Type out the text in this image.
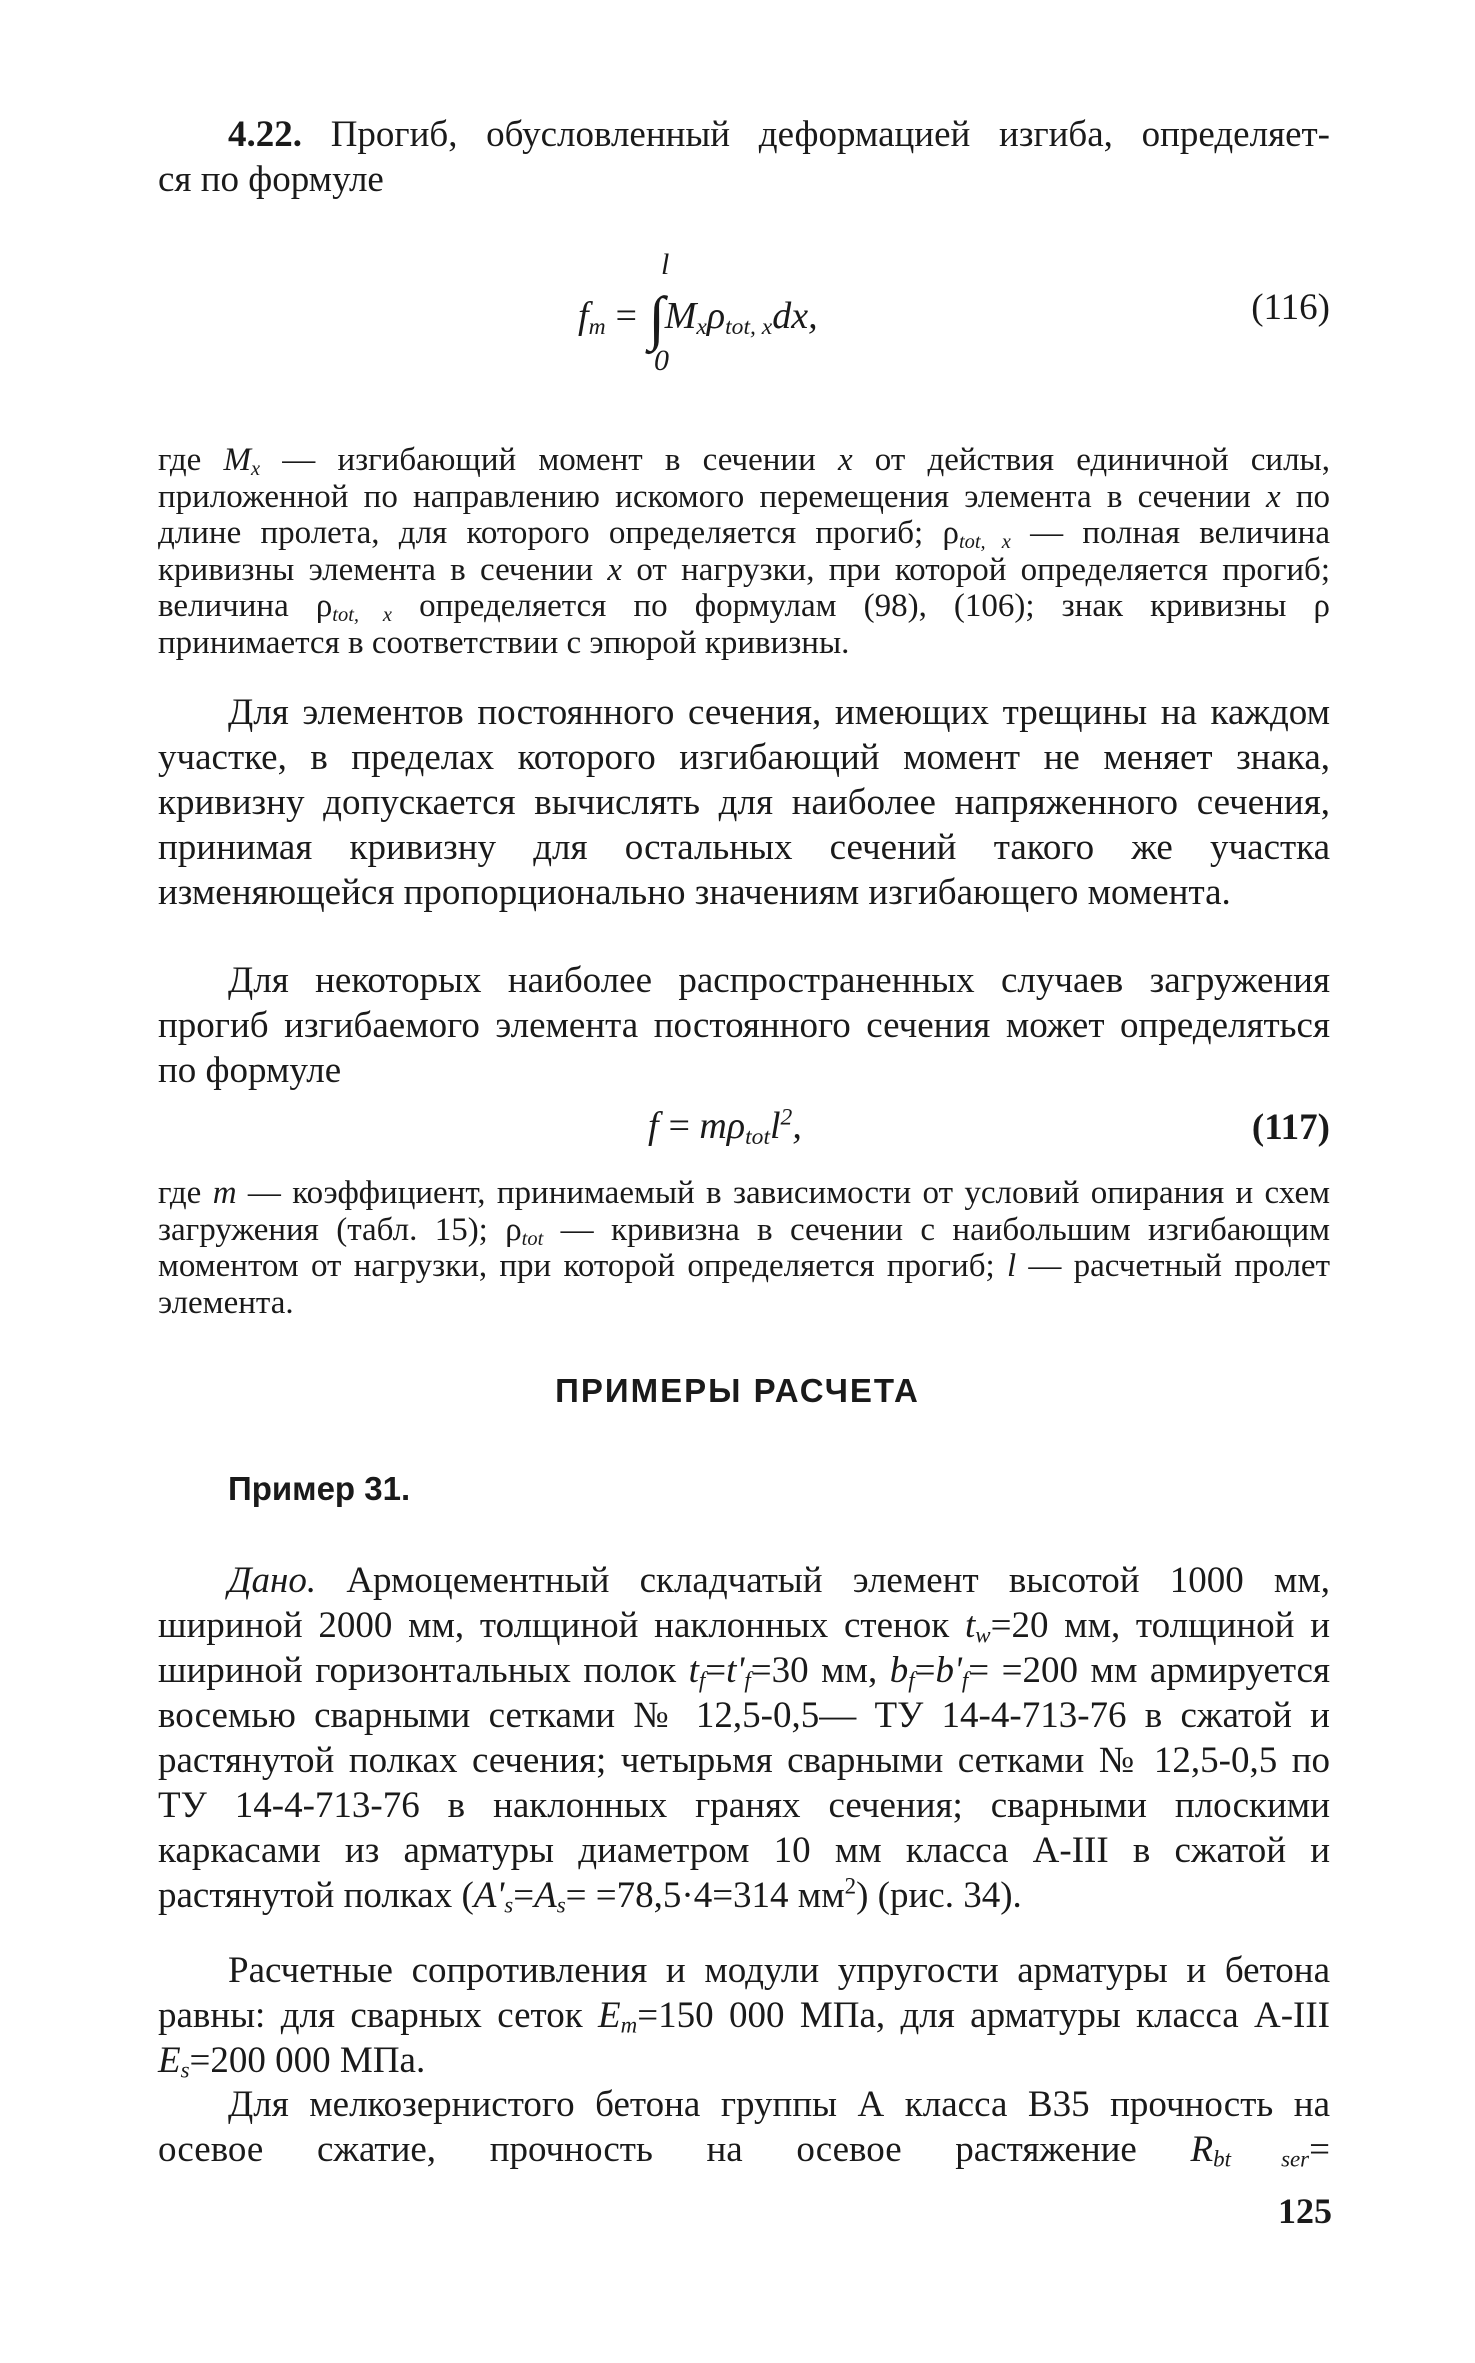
4.22. Прогиб, обусловленный деформацией изгиба, определяет-

ся по формуле

l
$f_m = \int M_x\rho_{tot, x}dx$,
0
(116)

где $M_x$ — изгибающий момент в сечении x от действия единичной силы, приложенной по направлению искомого перемещения элемента в сечении x по длине пролета, для которого определяется прогиб; $\rho_{tot, x}$ — полная величина кривизны элемента в сечении x от нагрузки, при которой определяется прогиб; величина $\rho_{tot, x}$ определяется по формулам (98), (106); знак кривизны ρ принимается в соответствии с эпюрой кривизны.

Для элементов постоянного сечения, имеющих трещины на каждом участке, в пределах которого изгибающий момент не меняет знака, кривизну допускается вычислять для наиболее напряженного сечения, принимая кривизну для остальных сечений такого же участка изменяющейся пропорционально значениям изгибающего момента.

Для некоторых наиболее распространенных случаев загружения прогиб изгибаемого элемента постоянного сечения может определяться по формуле

$f = m\rho_{tot}l^2$,	(117)

где m — коэффициент, принимаемый в зависимости от условий опирания и схем загружения (табл. 15); $\rho_{tot}$ — кривизна в сечении с наибольшим изгибающим моментом от нагрузки, при которой определяется прогиб; l — расчетный пролет элемента.

ПРИМЕРЫ РАСЧЕТА
Пример 31.

Дано. Армоцементный складчатый элемент высотой 1000 мм, шириной 2000 мм, толщиной наклонных стенок $t_w=20$ мм, толщиной и шириной горизонтальных полок $t_f=t'_f=30$ мм, $b_f=b'_f= =200$ мм армируется восемью сварными сетками № 12,5-0,5— ТУ 14-4-713-76 в сжатой и растянутой полках сечения; четырьмя сварными сетками № 12,5-0,5 по ТУ 14-4-713-76 в наклонных гранях сечения; сварными плоскими каркасами из арматуры диаметром 10 мм класса А-III в сжатой и растянутой полках ($A'_s=A_s= =78,5\cdot 4=314$ $мм^2$) (рис. 34).

Расчетные сопротивления и модули упругости арматуры и бетона равны: для сварных сеток $E_m=150$ 000 МПа, для арматуры класса А-III $E_s=200$ 000 МПа.

Для мелкозернистого бетона группы А класса В35 прочность на осевое сжатие, прочность на осевое растяжение $R_{bt ser}=$

125
